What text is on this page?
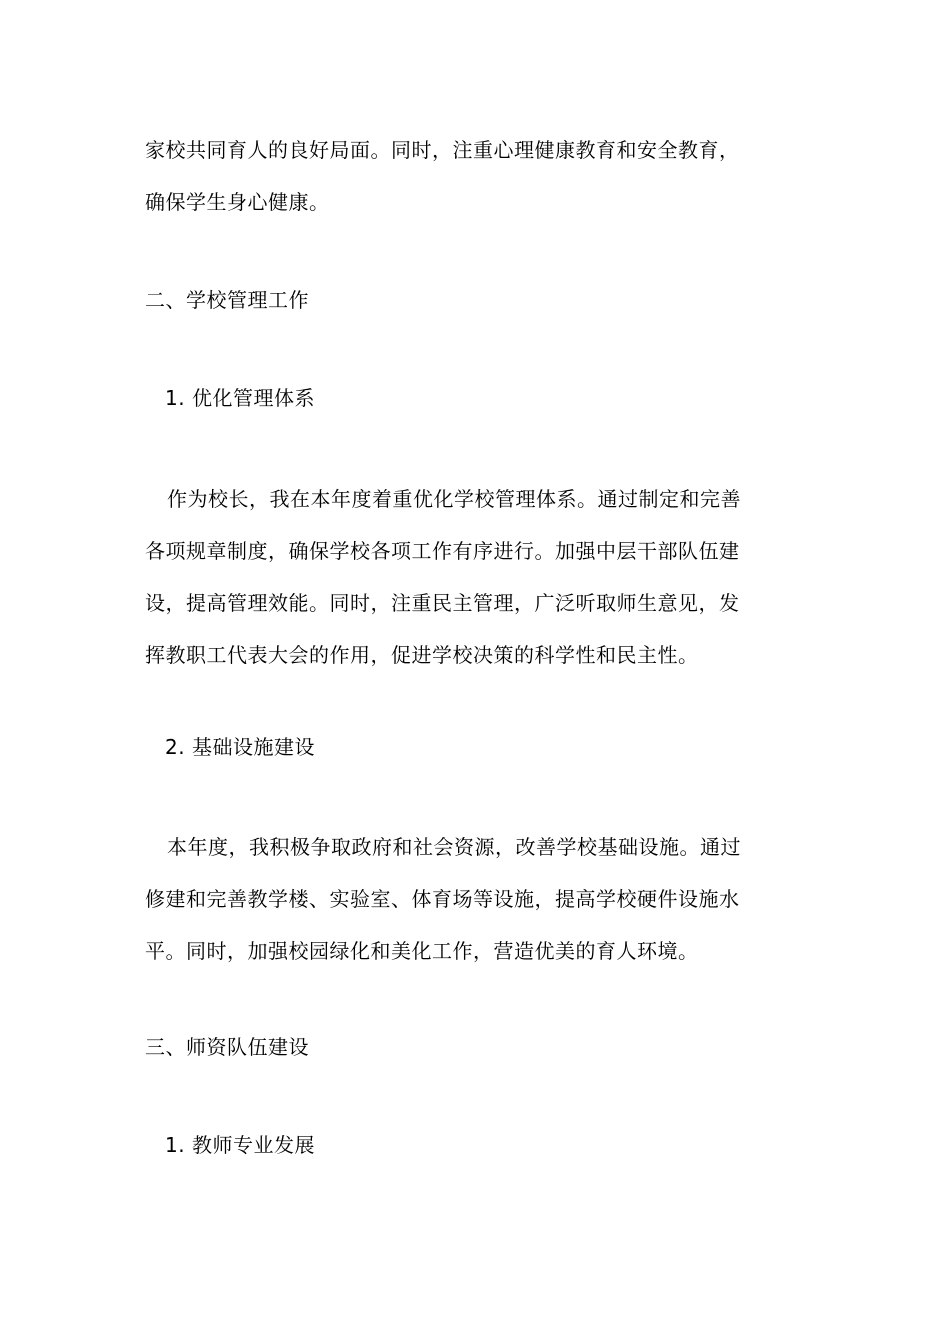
家校共同育人的良好局面。同时，注重心理健康教育和安全教育，
确保学生身心健康。
二、学校管理工作
1. 优化管理体系
作为校长，我在本年度着重优化学校管理体系。通过制定和完善
各项规章制度，确保学校各项工作有序进行。加强中层干部队伍建
设，提高管理效能。同时，注重民主管理，广泛听取师生意见，发
挥教职工代表大会的作用，促进学校决策的科学性和民主性。
2. 基础设施建设
本年度，我积极争取政府和社会资源，改善学校基础设施。通过
修建和完善教学楼、实验室、体育场等设施，提高学校硬件设施水
平。同时，加强校园绿化和美化工作，营造优美的育人环境。
三、师资队伍建设
1. 教师专业发展
